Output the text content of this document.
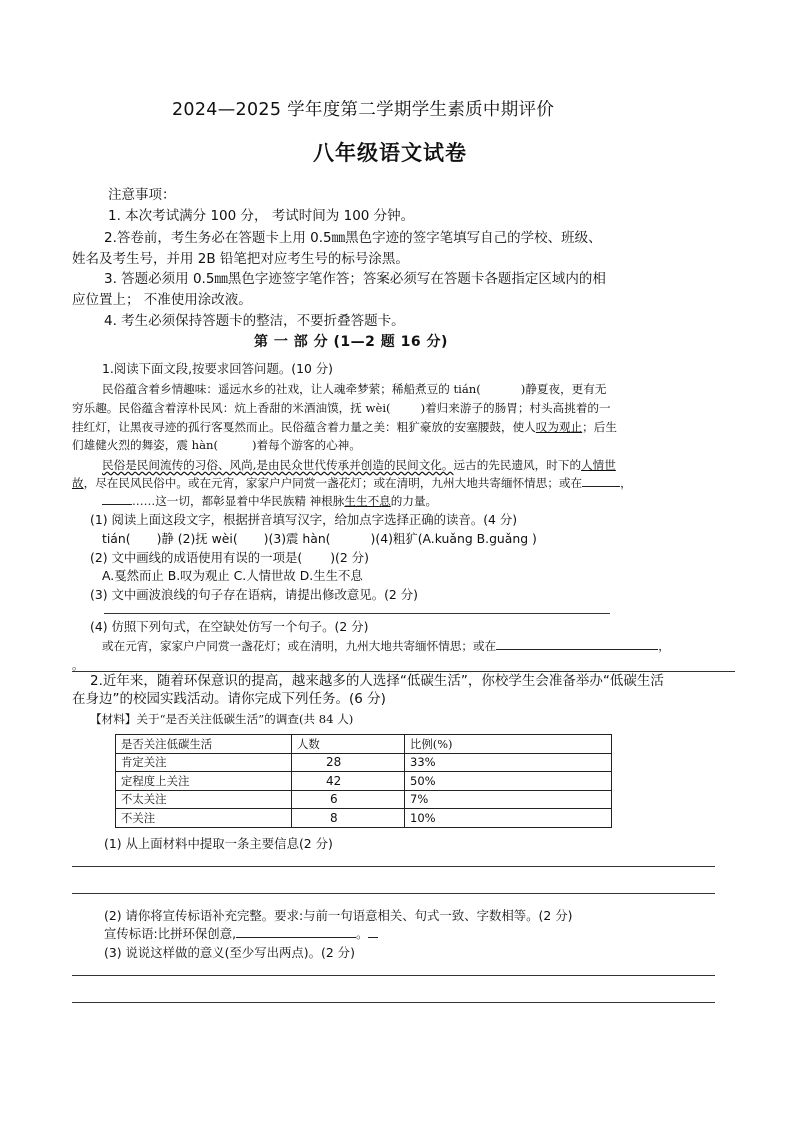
2024—2025 学年度第二学期学生素质中期评价
八年级语文试卷
注意事项：
1. 本次考试满分 100 分， 考试时间为 100 分钟。
2.答卷前，考生务必在答题卡上用 0.5㎜黑色字迹的签字笔填写自己的学校、班级、
姓名及考生号，并用 2B 铅笔把对应考生号的标号涂黑。
3. 答题必须用 0.5㎜黑色字迹签字笔作答；答案必须写在答题卡各题指定区域内的相
应位置上； 不准使用涂改液。
4. 考生必须保持答题卡的整洁，不要折叠答题卡。
第 一 部 分 (1—2 题 16 分)
1.阅读下面文段,按要求回答问题。(10 分)
民俗蕴含着乡情趣味：遥远水乡的社戏，让人魂牵梦萦；稀船煮豆的 tián(	)静夏夜，更有无
穷乐趣。民俗蕴含着淳朴民风：炕上香甜的米酒油馍，抚 wèi(	)着归来游子的肠胃；村头高挑着的一
挂红灯，让黑夜寻迹的孤行客戛然而止。民俗蕴含着力量之美：粗犷豪放的安塞腰鼓，使人叹为观止；后生
们雄健火烈的舞姿，震 hàn(	)着每个游客的心神。
民俗是民间流传的习俗、风尚,是由民众世代传承并创造的民间文化。远古的先民遗风，时下的人情世
故，尽在民风民俗中。或在元宵，家家户户同赏一盏花灯；或在清明，九州大地共寄缅怀情思；或在	，
……这一切，都彰显着中华民族精 神根脉生生不息的力量。
(1) 阅读上面这段文字，根据拼音填写汉字，给加点字选择正确的读音。(4 分)
tián( )静 (2)抚 wèi( )(3)震 hàn(	)(4)粗犷(A.kuǎng B.guǎng )
(2) 文中画线的成语使用有误的一项是( )(2 分)
A.戛然而止 B.叹为观止 C.人情世故 D.生生不息
(3) 文中画波浪线的句子存在语病，请提出修改意见。(2 分)
(4) 仿照下列句式，在空缺处仿写一个句子。(2 分)
或在元宵，家家户户同赏一盏花灯；或在清明，九州大地共寄缅怀情思；或在	，
。
2.近年来，随着环保意识的提高，越来越多的人选择“低碳生活”，你校学生会准备举办“低碳生活
在身边”的校园实践活动。请你完成下列任务。(6 分)
【材料】关于“是否关注低碳生活”的调查(共 84 人)
是否关注低碳生活	人数	比例(%)
肯定关注	28	33%
定程度上关注	42	50%
不太关注	6	7%
不关注	8	10%
(1) 从上面材料中提取一条主要信息(2 分)
(2) 请你将宣传标语补充完整。要求:与前一句语意相关、句式一致、字数相等。(2 分)
宣传标语:比拼环保创意,	。
(3) 说说这样做的意义(至少写出两点)。(2 分)
